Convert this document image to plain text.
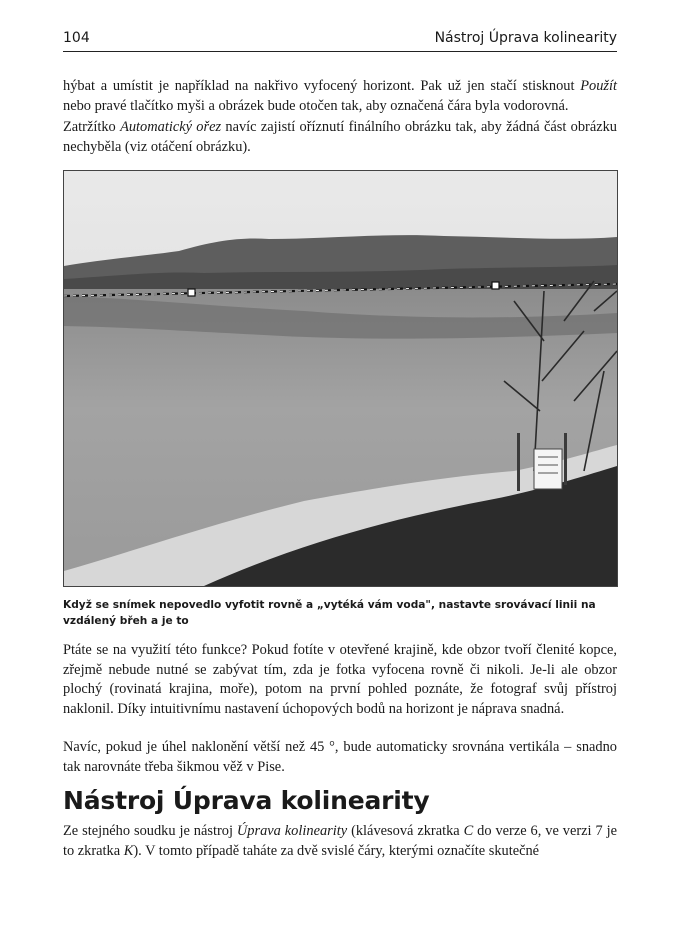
104	Nástroj Úprava kolinearity

hýbat a umístit je například na nakřivo vyfocený horizont. Pak už jen stačí stisknout Použít nebo pravé tlačítko myši a obrázek bude otočen tak, aby označená čára byla vodorovná.

Zatržítko Automatický ořez navíc zajistí oříznutí finálního obrázku tak, aby žádná část obrázku nechyběla (viz otáčení obrázku).

Když se snímek nepovedlo vyfotit rovně a „vytéká vám voda", nastavte srovávací linii na vzdálený břeh a je to

Ptáte se na využití této funkce? Pokud fotíte v otevřené krajině, kde obzor tvoří členité kopce, zřejmě nebude nutné se zabývat tím, zda je fotka vyfocena rovně či nikoli. Je-li ale obzor plochý (rovinatá krajina, moře), potom na první pohled poznáte, že fotograf svůj přístroj naklonil. Díky intuitivnímu nastavení úchopových bodů na horizont je náprava snadná.

Navíc, pokud je úhel naklonění větší než 45 °, bude automaticky srovnána vertikála – snadno tak narovnáte třeba šikmou věž v Pise.

Nástroj Úprava kolinearity

Ze stejného soudku je nástroj Úprava kolinearity (klávesová zkratka C do verze 6, ve verzi 7 je to zkratka K). V tomto případě taháte za dvě svislé čáry, kterými označíte skutečné
